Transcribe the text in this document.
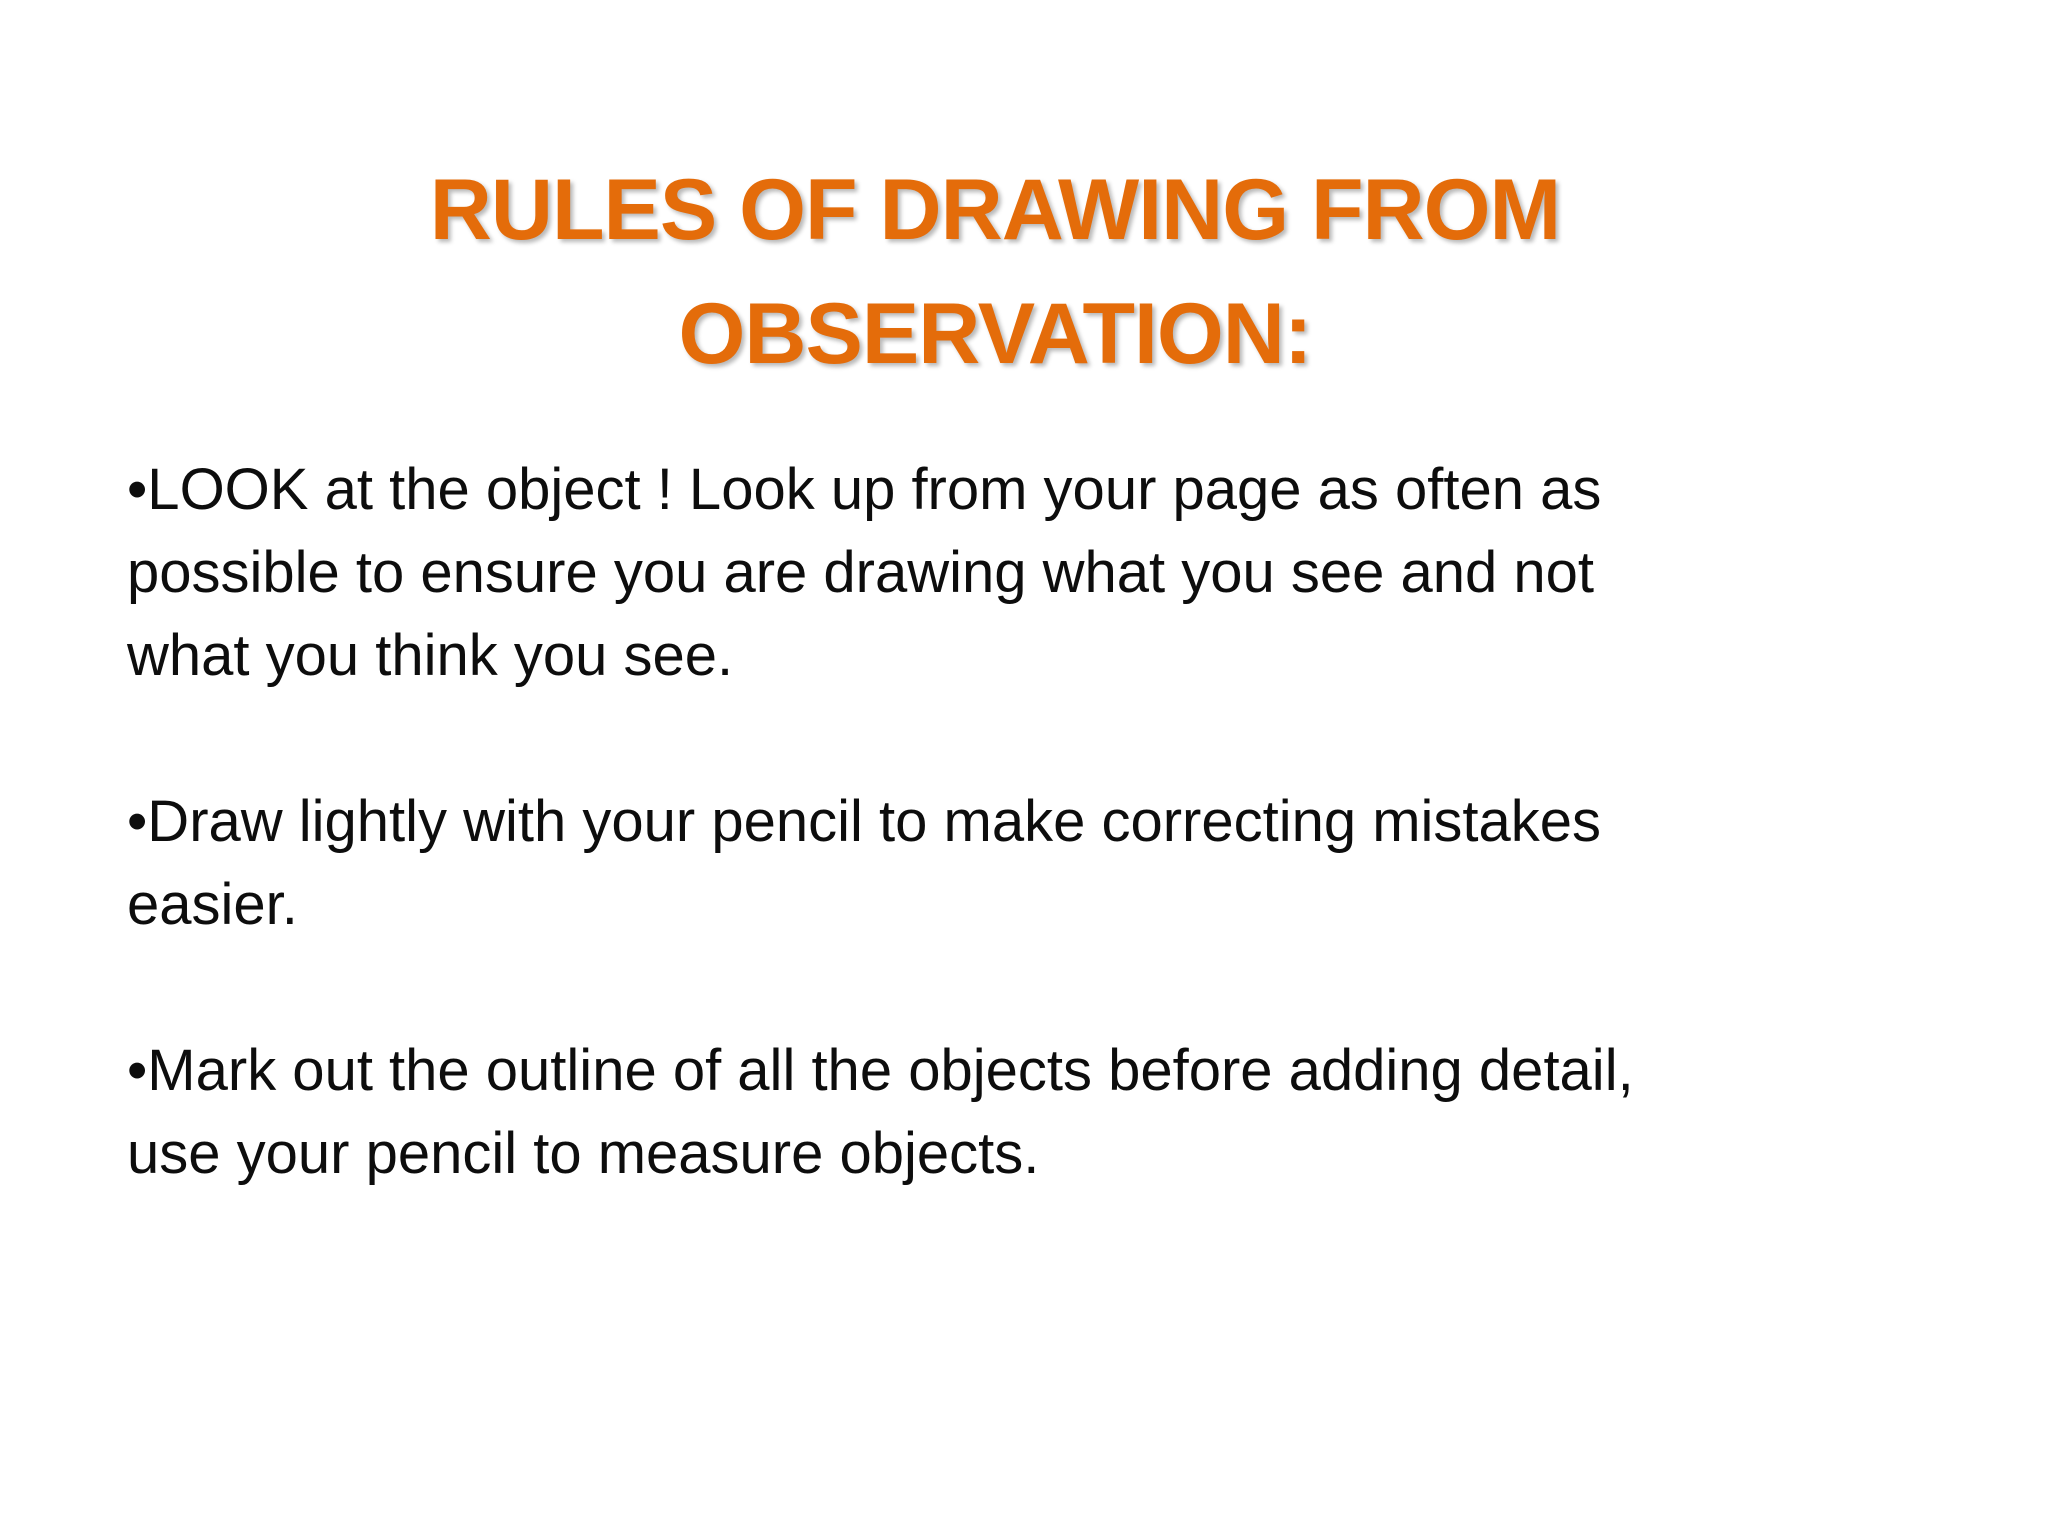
RULES OF DRAWING FROM
OBSERVATION:
•LOOK at the object ! Look up from your page as often as
possible to ensure you are drawing what you see and not
what you think you see.
•Draw lightly with your pencil to make correcting mistakes
easier.
•Mark out the outline of all the objects before adding detail,
use your pencil to measure objects.
